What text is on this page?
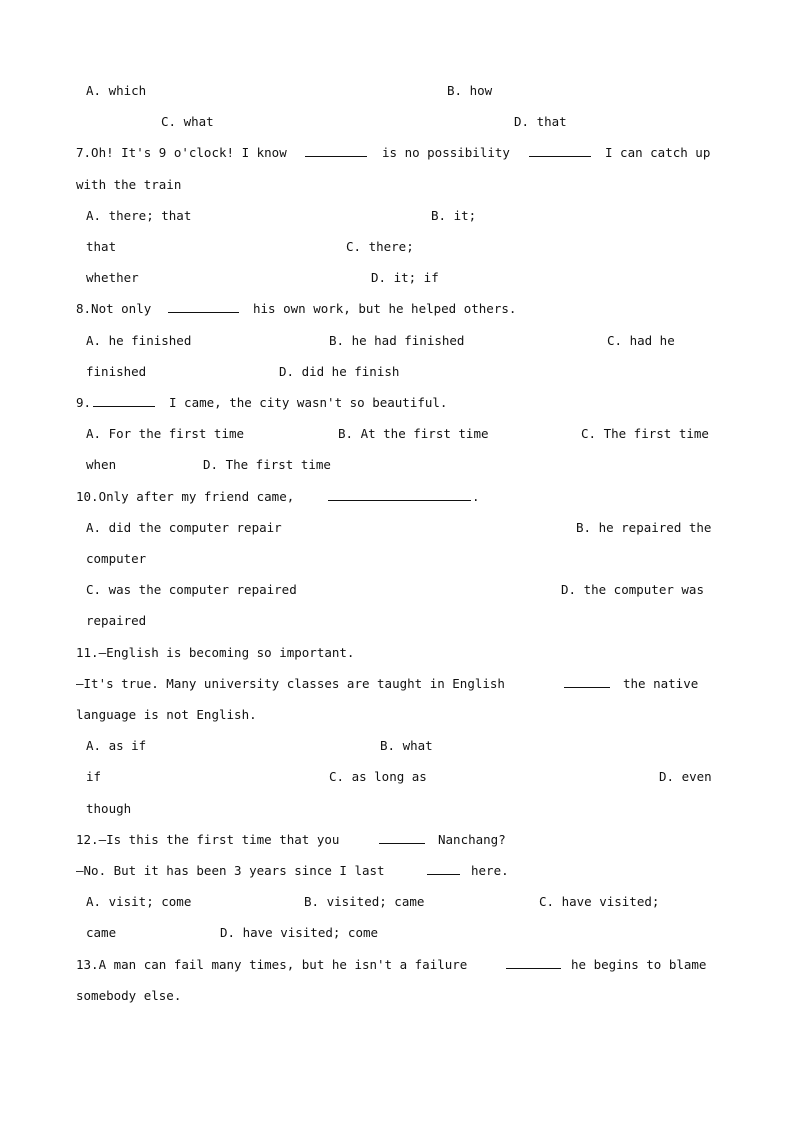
A. which

	B. how

C. what

	D. that

7.Oh! It's 9 o'clock! I know

	is no possibility

	I can catch up

with the train

A. there; that

	B. it;

that

	C. there;

whether

	D. it; if

8.Not only

	his own work, but he helped others.

A. he finished

	B. he had finished

	C. had he

finished

	D. did he finish

9.

	I came, the city wasn't so beautiful.

A. For the first time

	B. At the first time

	C. The first time

when

	D. The first time

10.Only after my friend came,

	.

A. did the computer repair

	B. he repaired the

computer

C. was the computer repaired

	D. the computer was

repaired

11.—English is becoming so important.

—It's true. Many university classes are taught in English

	the native

language is not English.

A. as if

	B. what

if

	C. as long as

	D. even

though

12.—Is this the first time that you

	Nanchang?

—No. But it has been 3 years since I last

	here.

A. visit; come

	B. visited; came

	C. have visited;

came

	D. have visited; come

13.A man can fail many times, but he isn't a failure

	he begins to blame

somebody else.
